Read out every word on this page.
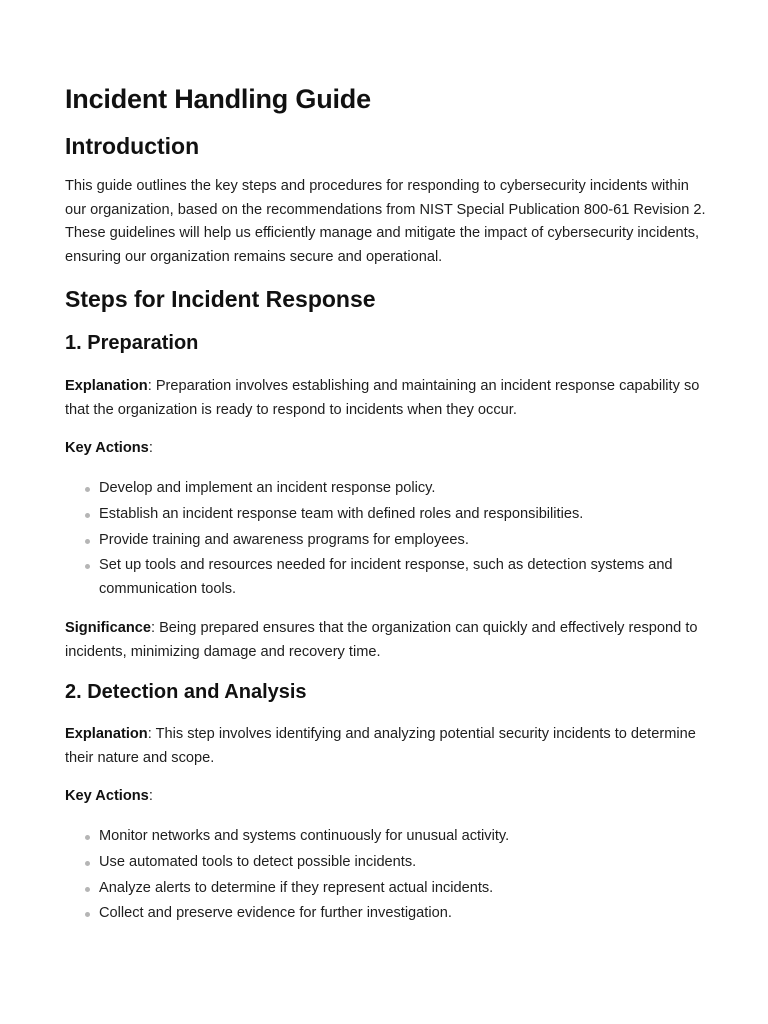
Incident Handling Guide
Introduction

This guide outlines the key steps and procedures for responding to cybersecurity incidents within our organization, based on the recommendations from NIST Special Publication 800-61 Revision 2. These guidelines will help us efficiently manage and mitigate the impact of cybersecurity incidents, ensuring our organization remains secure and operational.

Steps for Incident Response
1. Preparation
Explanation: Preparation involves establishing and maintaining an incident response capability so that the organization is ready to respond to incidents when they occur.
Key Actions:
Develop and implement an incident response policy.
Establish an incident response team with defined roles and responsibilities.
Provide training and awareness programs for employees.
Set up tools and resources needed for incident response, such as detection systems and communication tools.
Significance: Being prepared ensures that the organization can quickly and effectively respond to incidents, minimizing damage and recovery time.
2. Detection and Analysis
Explanation: This step involves identifying and analyzing potential security incidents to determine their nature and scope.
Key Actions:
Monitor networks and systems continuously for unusual activity.
Use automated tools to detect possible incidents.
Analyze alerts to determine if they represent actual incidents.
Collect and preserve evidence for further investigation.
